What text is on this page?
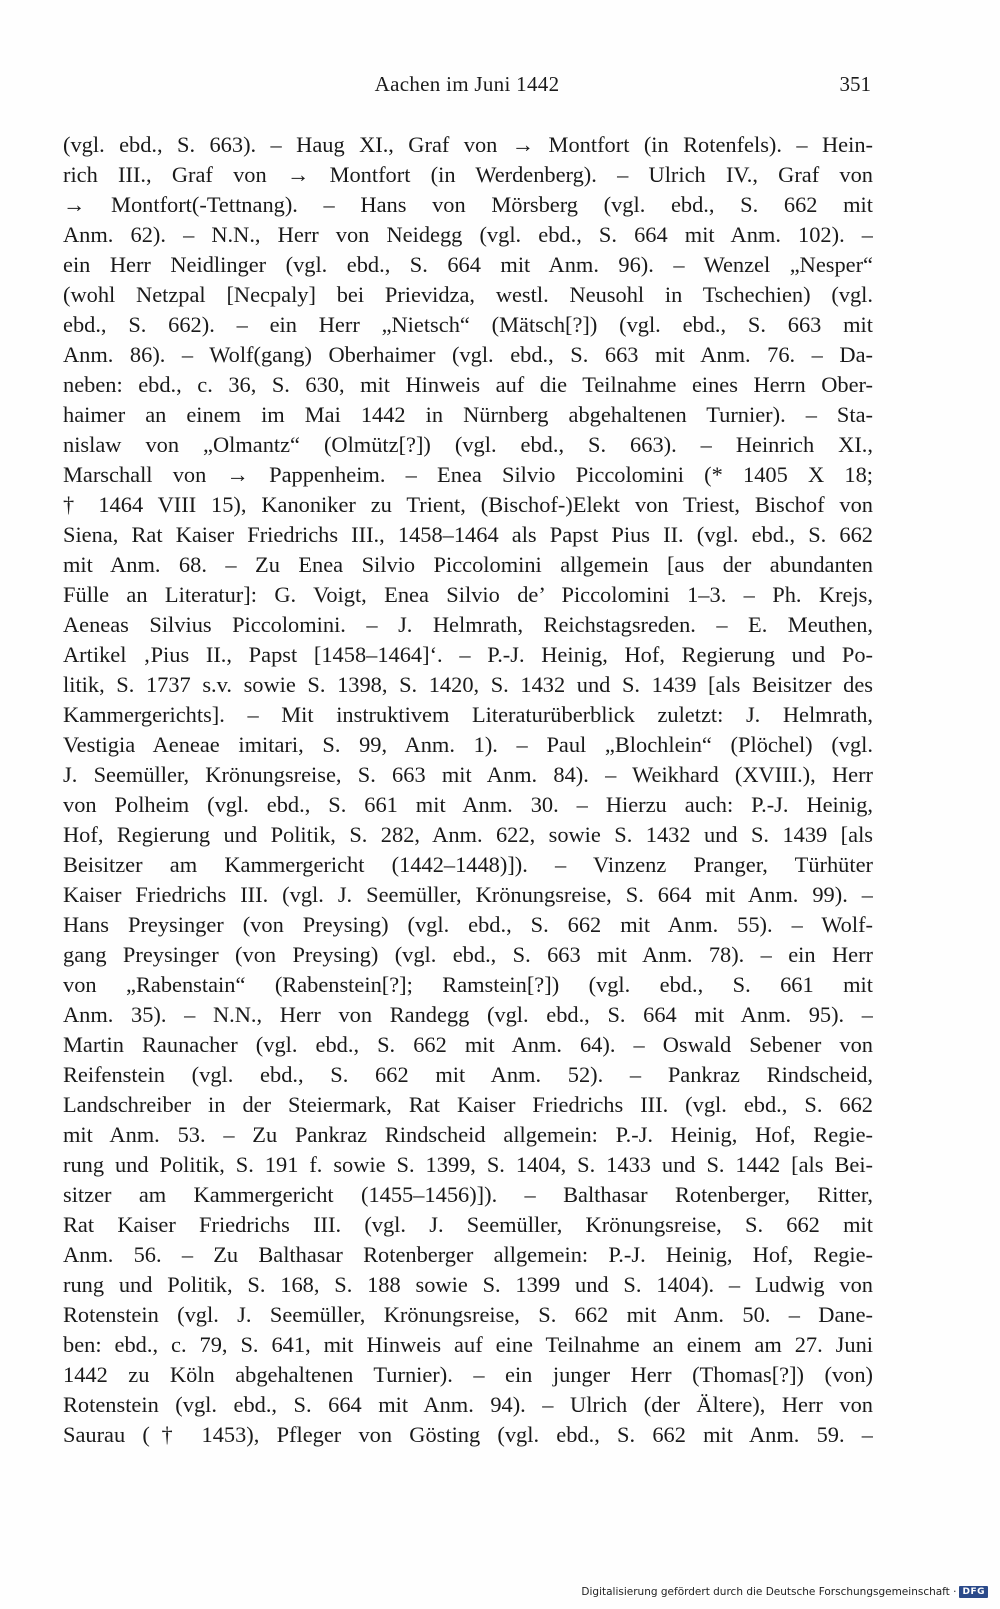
Aachen im Juni 1442	351
(vgl. ebd., S. 663). – Haug XI., Graf von → Montfort (in Rotenfels). – Hein-
rich III., Graf von → Montfort (in Werdenberg). – Ulrich IV., Graf von
→ Montfort(-Tettnang). – Hans von Mörsberg (vgl. ebd., S. 662 mit
Anm. 62). – N.N., Herr von Neidegg (vgl. ebd., S. 664 mit Anm. 102). –
ein Herr Neidlinger (vgl. ebd., S. 664 mit Anm. 96). – Wenzel „Nesper“
(wohl Netzpal [Necpaly] bei Prievidza, westl. Neusohl in Tschechien) (vgl.
ebd., S. 662). – ein Herr „Nietsch“ (Mätsch[?]) (vgl. ebd., S. 663 mit
Anm. 86). – Wolf(gang) Oberhaimer (vgl. ebd., S. 663 mit Anm. 76. – Da-
neben: ebd., c. 36, S. 630, mit Hinweis auf die Teilnahme eines Herrn Ober-
haimer an einem im Mai 1442 in Nürnberg abgehaltenen Turnier). – Sta-
nislaw von „Olmantz“ (Olmütz[?]) (vgl. ebd., S. 663). – Heinrich XI.,
Marschall von → Pappenheim. – Enea Silvio Piccolomini (* 1405 X 18;
† 1464 VIII 15), Kanoniker zu Trient, (Bischof-)Elekt von Triest, Bischof von
Siena, Rat Kaiser Friedrichs III., 1458–1464 als Papst Pius II. (vgl. ebd., S. 662
mit Anm. 68. – Zu Enea Silvio Piccolomini allgemein [aus der abundanten
Fülle an Literatur]: G. Voigt, Enea Silvio de’ Piccolomini 1–3. – Ph. Krejs,
Aeneas Silvius Piccolomini. – J. Helmrath, Reichstagsreden. – E. Meuthen,
Artikel ‚Pius II., Papst [1458–1464]‘. – P.-J. Heinig, Hof, Regierung und Po-
litik, S. 1737 s.v. sowie S. 1398, S. 1420, S. 1432 und S. 1439 [als Beisitzer des
Kammergerichts]. – Mit instruktivem Literaturüberblick zuletzt: J. Helmrath,
Vestigia Aeneae imitari, S. 99, Anm. 1). – Paul „Blochlein“ (Plöchel) (vgl.
J. Seemüller, Krönungsreise, S. 663 mit Anm. 84). – Weikhard (XVIII.), Herr
von Polheim (vgl. ebd., S. 661 mit Anm. 30. – Hierzu auch: P.-J. Heinig,
Hof, Regierung und Politik, S. 282, Anm. 622, sowie S. 1432 und S. 1439 [als
Beisitzer am Kammergericht (1442–1448)]). – Vinzenz Pranger, Türhüter
Kaiser Friedrichs III. (vgl. J. Seemüller, Krönungsreise, S. 664 mit Anm. 99). –
Hans Preysinger (von Preysing) (vgl. ebd., S. 662 mit Anm. 55). – Wolf-
gang Preysinger (von Preysing) (vgl. ebd., S. 663 mit Anm. 78). – ein Herr
von „Rabenstain“ (Rabenstein[?]; Ramstein[?]) (vgl. ebd., S. 661 mit
Anm. 35). – N.N., Herr von Randegg (vgl. ebd., S. 664 mit Anm. 95). –
Martin Raunacher (vgl. ebd., S. 662 mit Anm. 64). – Oswald Sebener von
Reifenstein (vgl. ebd., S. 662 mit Anm. 52). – Pankraz Rindscheid,
Landschreiber in der Steiermark, Rat Kaiser Friedrichs III. (vgl. ebd., S. 662
mit Anm. 53. – Zu Pankraz Rindscheid allgemein: P.-J. Heinig, Hof, Regie-
rung und Politik, S. 191 f. sowie S. 1399, S. 1404, S. 1433 und S. 1442 [als Bei-
sitzer am Kammergericht (1455–1456)]). – Balthasar Rotenberger, Ritter,
Rat Kaiser Friedrichs III. (vgl. J. Seemüller, Krönungsreise, S. 662 mit
Anm. 56. – Zu Balthasar Rotenberger allgemein: P.-J. Heinig, Hof, Regie-
rung und Politik, S. 168, S. 188 sowie S. 1399 und S. 1404). – Ludwig von
Rotenstein (vgl. J. Seemüller, Krönungsreise, S. 662 mit Anm. 50. – Dane-
ben: ebd., c. 79, S. 641, mit Hinweis auf eine Teilnahme an einem am 27. Juni
1442 zu Köln abgehaltenen Turnier). – ein junger Herr (Thomas[?]) (von)
Rotenstein (vgl. ebd., S. 664 mit Anm. 94). – Ulrich (der Ältere), Herr von
Saurau († 1453), Pfleger von Gösting (vgl. ebd., S. 662 mit Anm. 59. –
Digitalisierung gefördert durch die Deutsche Forschungsgemeinschaft · DFG
